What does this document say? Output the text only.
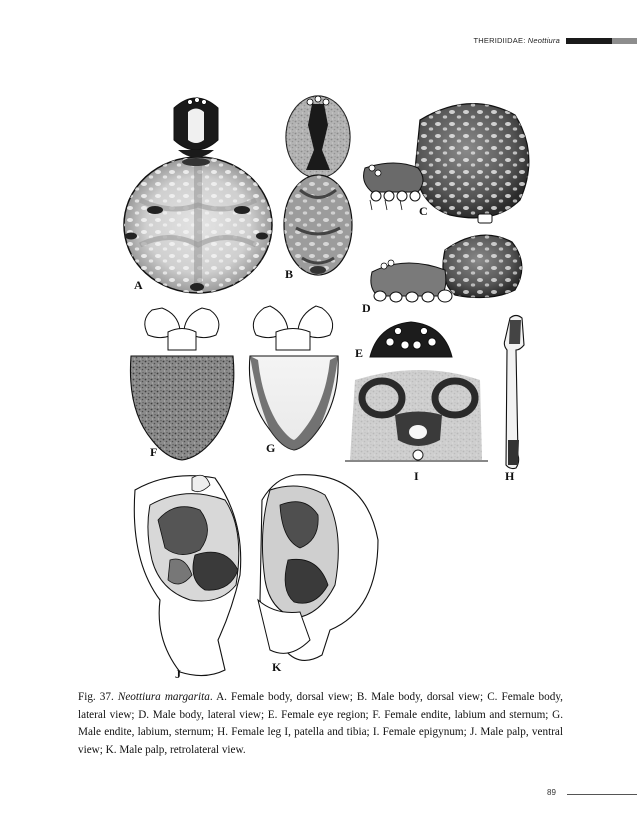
THERIDIIDAE: Neottiura
C
D
E
H
I
F	G
J	K
A
B
Fig. 37. Neottiura margarita. A. Female body, dorsal view; B. Male body, dorsal view; C. Female body, lateral view; D. Male body, lateral view; E. Female eye region; F. Female endite, labium and sternum; G. Male endite, labium, sternum; H. Female leg I, patella and tibia; I. Female epigynum; J. Male palp, ventral view; K. Male palp, retrolateral view.
89
